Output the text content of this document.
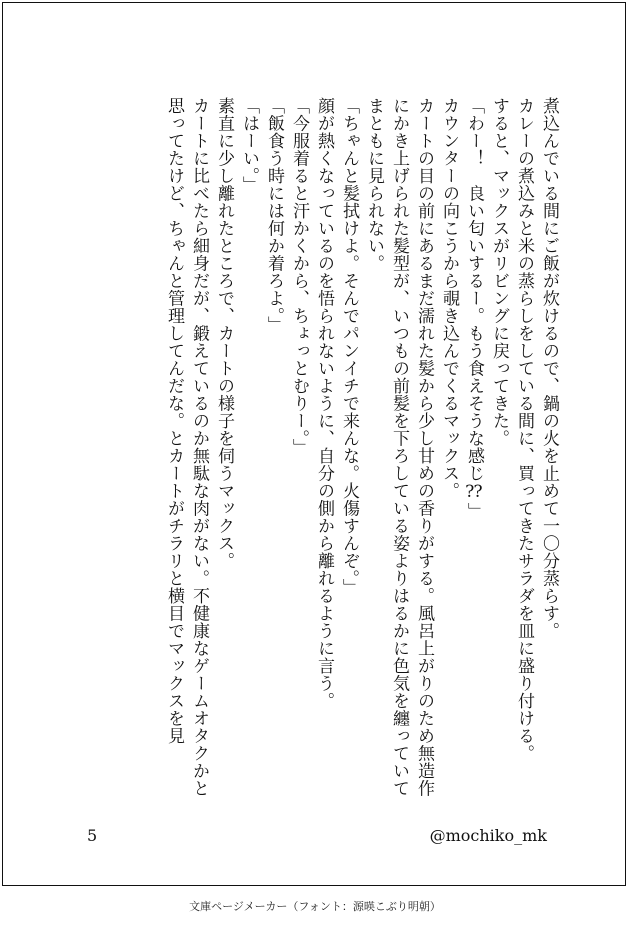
煮込んでいる間にご飯が炊けるので、鍋の火を止めて一〇分蒸らす。

カレーの煮込みと米の蒸らしをしている間に、買ってきたサラダを皿に盛り付ける。

すると、マックスがリビングに戻ってきた。

「わー！　良い匂いするー。もう食えそうな感じ⁇」

カウンターの向こうから覗き込んでくるマックス。

カートの目の前にあるまだ濡れた髪から少し甘めの香りがする。風呂上がりのため無造作にかき上げられた髪型が、いつもの前髪を下ろしている姿よりはるかに色気を纏っていてまともに見られない。

「ちゃんと髪拭けよ。そんでパンイチで来んな。火傷すんぞ。」

顔が熱くなっているのを悟られないように、自分の側から離れるように言う。

「今服着ると汗かくから、ちょっとむりー。」

「飯食う時には何か着ろよ。」

「はーい。」

素直に少し離れたところで、カートの様子を伺うマックス。

カートに比べたら細身だが、鍛えているのか無駄な肉がない。不健康なゲームオタクかと思ってたけど、ちゃんと管理してんだな。とカートがチラリと横目でマックスを見

5	@mochiko_mk
文庫ページメーカー（フォント：源暎こぶり明朝）
